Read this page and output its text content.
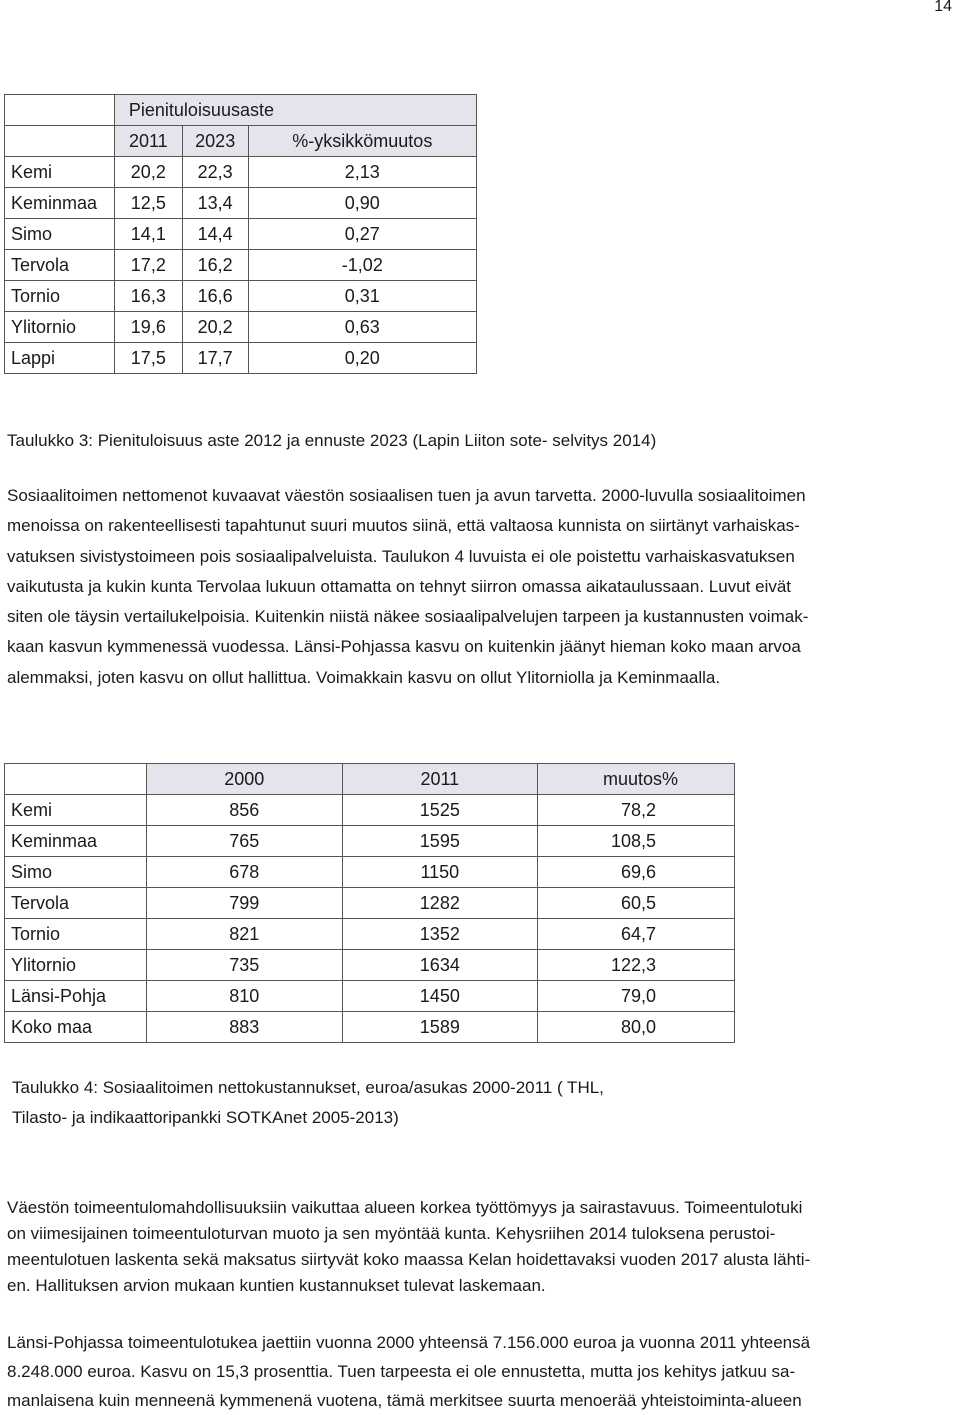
14
	Pienituloisuusaste		
	2011	2023	%-yksikkömuutos
Kemi	20,2	22,3	2,13
Keminmaa	12,5	13,4	0,90
Simo	14,1	14,4	0,27
Tervola	17,2	16,2	-1,02
Tornio	16,3	16,6	0,31
Ylitornio	19,6	20,2	0,63
Lappi	17,5	17,7	0,20
Taulukko 3: Pienituloisuus aste 2012 ja ennuste 2023 (Lapin Liiton sote- selvitys 2014)
Sosiaalitoimen nettomenot kuvaavat väestön sosiaalisen tuen ja avun tarvetta. 2000-luvulla sosiaalitoimen
menoissa on rakenteellisesti tapahtunut suuri muutos siinä, että valtaosa kunnista on siirtänyt varhaiskas-
vatuksen sivistystoimeen pois sosiaalipalveluista. Taulukon 4 luvuista ei ole poistettu varhaiskasvatuksen
vaikutusta ja kukin kunta Tervolaa lukuun ottamatta on tehnyt siirron omassa aikataulussaan. Luvut eivät
siten ole täysin vertailukelpoisia. Kuitenkin niistä näkee sosiaalipalvelujen tarpeen ja kustannusten voimak-
kaan kasvun kymmenessä vuodessa. Länsi-Pohjassa kasvu on kuitenkin jäänyt hieman koko maan arvoa
alemmaksi, joten kasvu on ollut hallittua. Voimakkain kasvu on ollut Ylitorniolla ja Keminmaalla.
	2000	2011	muutos%
Kemi	856	1525	78,2
Keminmaa	765	1595	108,5
Simo	678	1150	69,6
Tervola	799	1282	60,5
Tornio	821	1352	64,7
Ylitornio	735	1634	122,3
Länsi-Pohja	810	1450	79,0
Koko maa	883	1589	80,0
Taulukko 4: Sosiaalitoimen nettokustannukset, euroa/asukas 2000-2011 ( THL,
Tilasto- ja indikaattoripankki SOTKAnet 2005-2013)
Väestön toimeentulomahdollisuuksiin vaikuttaa alueen korkea työttömyys ja sairastavuus. Toimeentulotuki
on viimesijainen toimeentuloturvan muoto ja sen myöntää kunta. Kehysriihen 2014 tuloksena perustoi-
meentulotuen laskenta sekä maksatus siirtyvät koko maassa Kelan hoidettavaksi vuoden 2017 alusta lähti-
en. Hallituksen arvion mukaan kuntien kustannukset tulevat laskemaan.
Länsi-Pohjassa toimeentulotukea jaettiin vuonna 2000 yhteensä 7.156.000 euroa ja vuonna 2011 yhteensä
8.248.000 euroa. Kasvu on 15,3 prosenttia. Tuen tarpeesta ei ole ennustetta, mutta jos kehitys jatkuu sa-
manlaisena kuin menneenä kymmenenä vuotena, tämä merkitsee suurta menoerää yhteistoiminta-alueen
